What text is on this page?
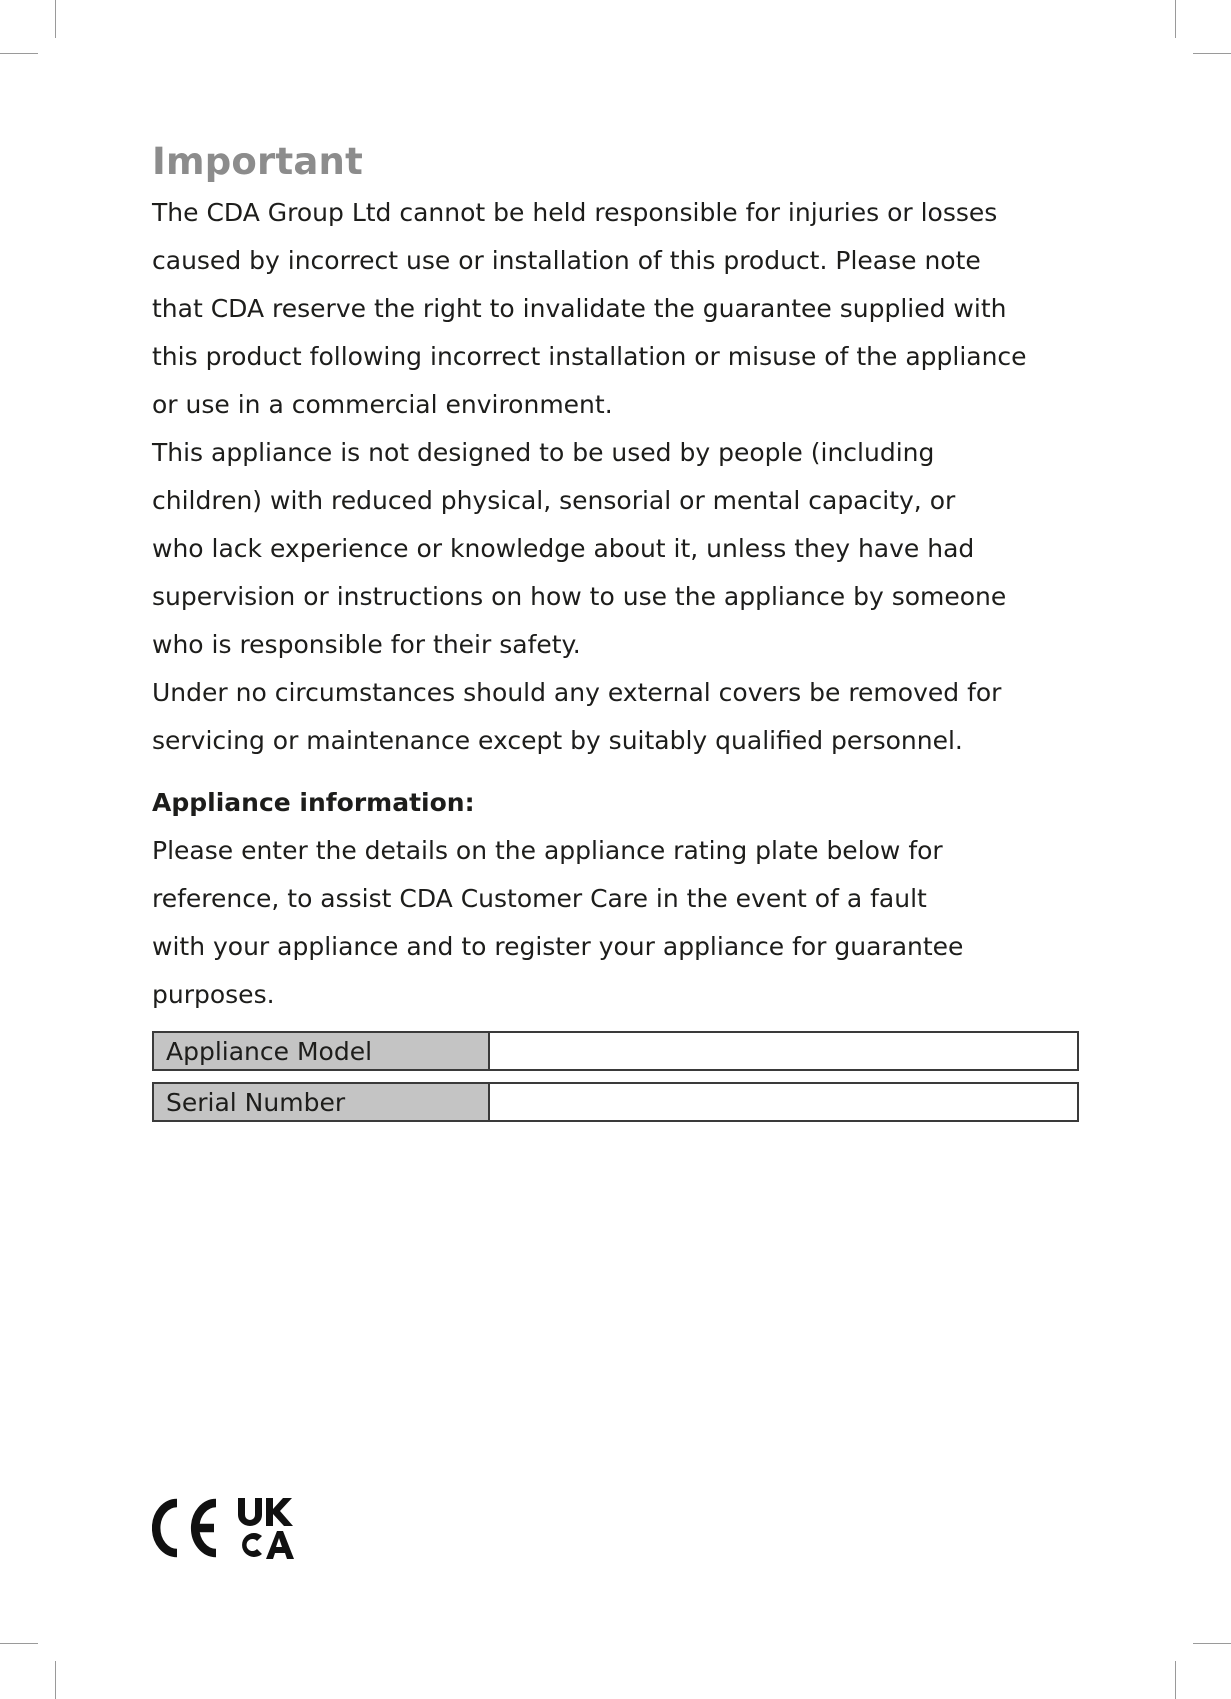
Important

The CDA Group Ltd cannot be held responsible for injuries or losses

caused by incorrect use or installation of this product. Please note

that CDA reserve the right to invalidate the guarantee supplied with

this product following incorrect installation or misuse of the appliance

or use in a commercial environment.

This appliance is not designed to be used by people (including

children) with reduced physical, sensorial or mental capacity, or

who lack experience or knowledge about it, unless they have had

supervision or instructions on how to use the appliance by someone

who is responsible for their safety.

Under no circumstances should any external covers be removed for

servicing or maintenance except by suitably qualified personnel.

Appliance information:

Please enter the details on the appliance rating plate below for

reference, to assist CDA Customer Care in the event of a fault

with your appliance and to register your appliance for guarantee

purposes.

Appliance Model
Serial Number
